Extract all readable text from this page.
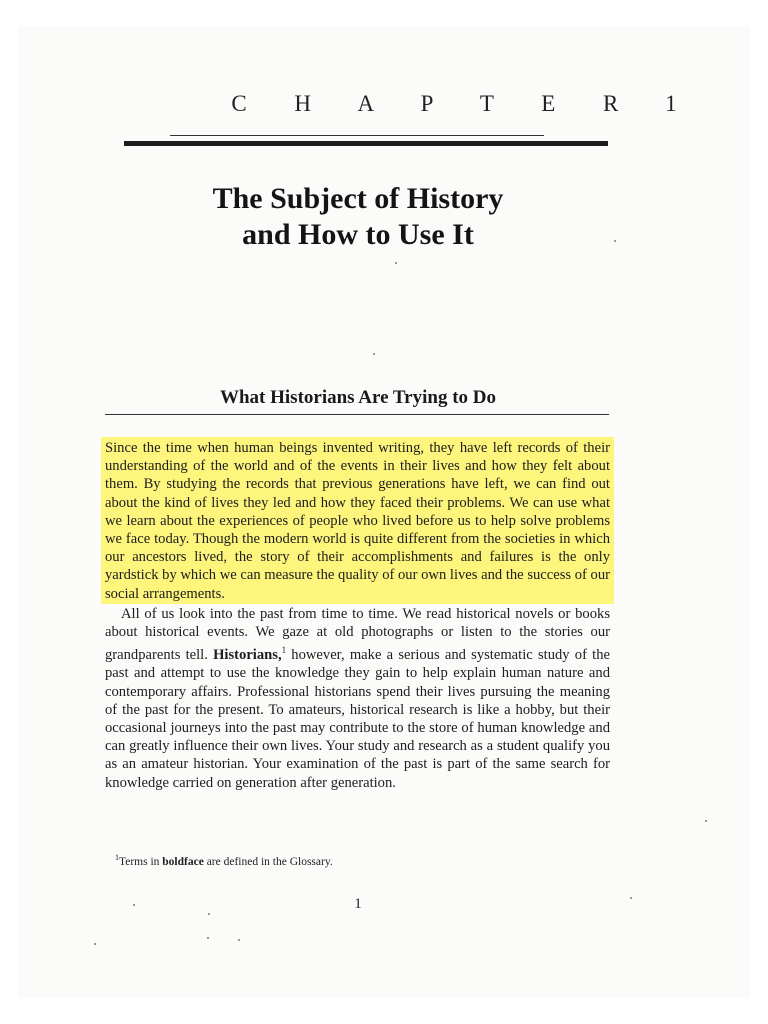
C H A P T E R 1
The Subject of History
and How to Use It
What Historians Are Trying to Do
Since the time when human beings invented writing, they have left records of their understanding of the world and of the events in their lives and how they felt about them. By studying the records that previous generations have left, we can find out about the kind of lives they led and how they faced their problems. We can use what we learn about the experiences of people who lived before us to help solve problems we face today. Though the modern world is quite different from the societies in which our ancestors lived, the story of their accomplishments and failures is the only yardstick by which we can measure the quality of our own lives and the success of our social arrangements.
All of us look into the past from time to time. We read historical novels or books about historical events. We gaze at old photographs or listen to the stories our grandparents tell. Historians,$^1$ however, make a serious and systematic study of the past and attempt to use the knowledge they gain to help explain human nature and contemporary affairs. Professional historians spend their lives pursuing the meaning of the past for the present. To amateurs, historical research is like a hobby, but their occasional journeys into the past may contribute to the store of human knowledge and can greatly influence their own lives. Your study and research as a student qualify you as an amateur historian. Your examination of the past is part of the same search for knowledge carried on generation after generation.
$^1$Terms in boldface are defined in the Glossary.
1
